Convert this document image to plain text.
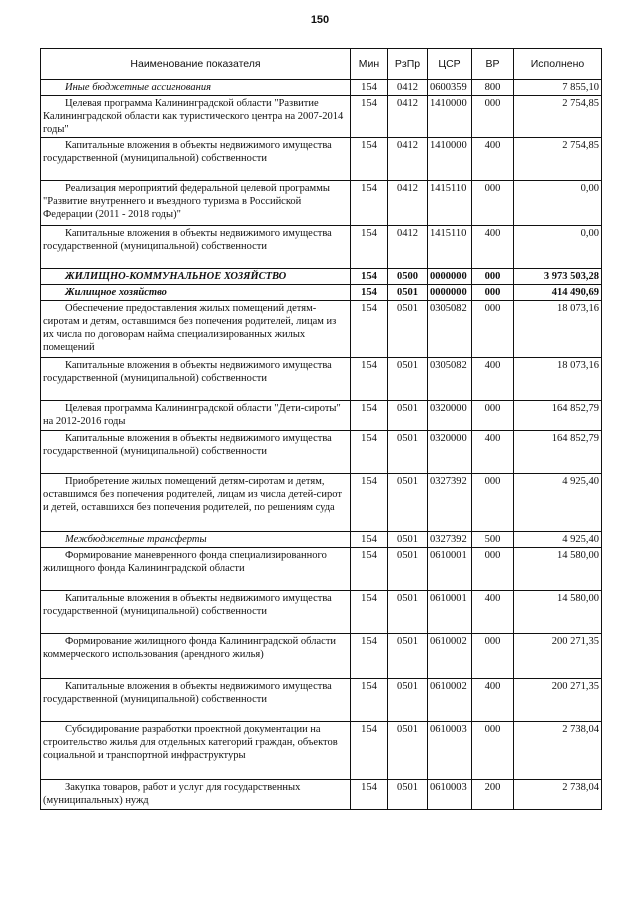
150
Наименование показателя	Мин	РзПр	ЦСР	ВР	Исполнено
Иные бюджетные ассигнования	154	0412	0600359	800	7 855,10
Целевая программа Калининградской области "Развитие Калининградской области как туристического центра на 2007-2014 годы"	154	0412	1410000	000	2 754,85
Капитальные вложения в объекты недвижимого имущества государственной (муниципальной) собственности	154	0412	1410000	400	2 754,85
Реализация мероприятий федеральной целевой программы "Развитие внутреннего и въездного туризма в Российской Федерации (2011 - 2018 годы)"	154	0412	1415110	000	0,00
Капитальные вложения в объекты недвижимого имущества государственной (муниципальной) собственности	154	0412	1415110	400	0,00
ЖИЛИЩНО-КОММУНАЛЬНОЕ ХОЗЯЙСТВО	154	0500	0000000	000	3 973 503,28
Жилищное хозяйство	154	0501	0000000	000	414 490,69
Обеспечение предоставления жилых помещений детям-сиротам и детям, оставшимся без попечения родителей, лицам из их числа по договорам найма специализированных жилых помещений	154	0501	0305082	000	18 073,16
Капитальные вложения в объекты недвижимого имущества государственной (муниципальной) собственности	154	0501	0305082	400	18 073,16
Целевая программа Калининградской области "Дети-сироты" на 2012-2016 годы	154	0501	0320000	000	164 852,79
Капитальные вложения в объекты недвижимого имущества государственной (муниципальной) собственности	154	0501	0320000	400	164 852,79
Приобретение жилых помещений детям-сиротам и детям, оставшимся без попечения родителей, лицам из числа детей-сирот и детей, оставшихся без попечения родителей, по решениям суда	154	0501	0327392	000	4 925,40
Межбюджетные трансферты	154	0501	0327392	500	4 925,40
Формирование маневренного фонда специализированного жилищного фонда Калининградской области	154	0501	0610001	000	14 580,00
Капитальные вложения в объекты недвижимого имущества государственной (муниципальной) собственности	154	0501	0610001	400	14 580,00
Формирование жилищного фонда Калининградской области коммерческого использования (арендного жилья)	154	0501	0610002	000	200 271,35
Капитальные вложения в объекты недвижимого имущества государственной (муниципальной) собственности	154	0501	0610002	400	200 271,35
Субсидирование разработки проектной документации на строительство жилья для отдельных категорий граждан, объектов социальной и транспортной инфраструктуры	154	0501	0610003	000	2 738,04
Закупка товаров, работ и услуг для государственных (муниципальных) нужд	154	0501	0610003	200	2 738,04
